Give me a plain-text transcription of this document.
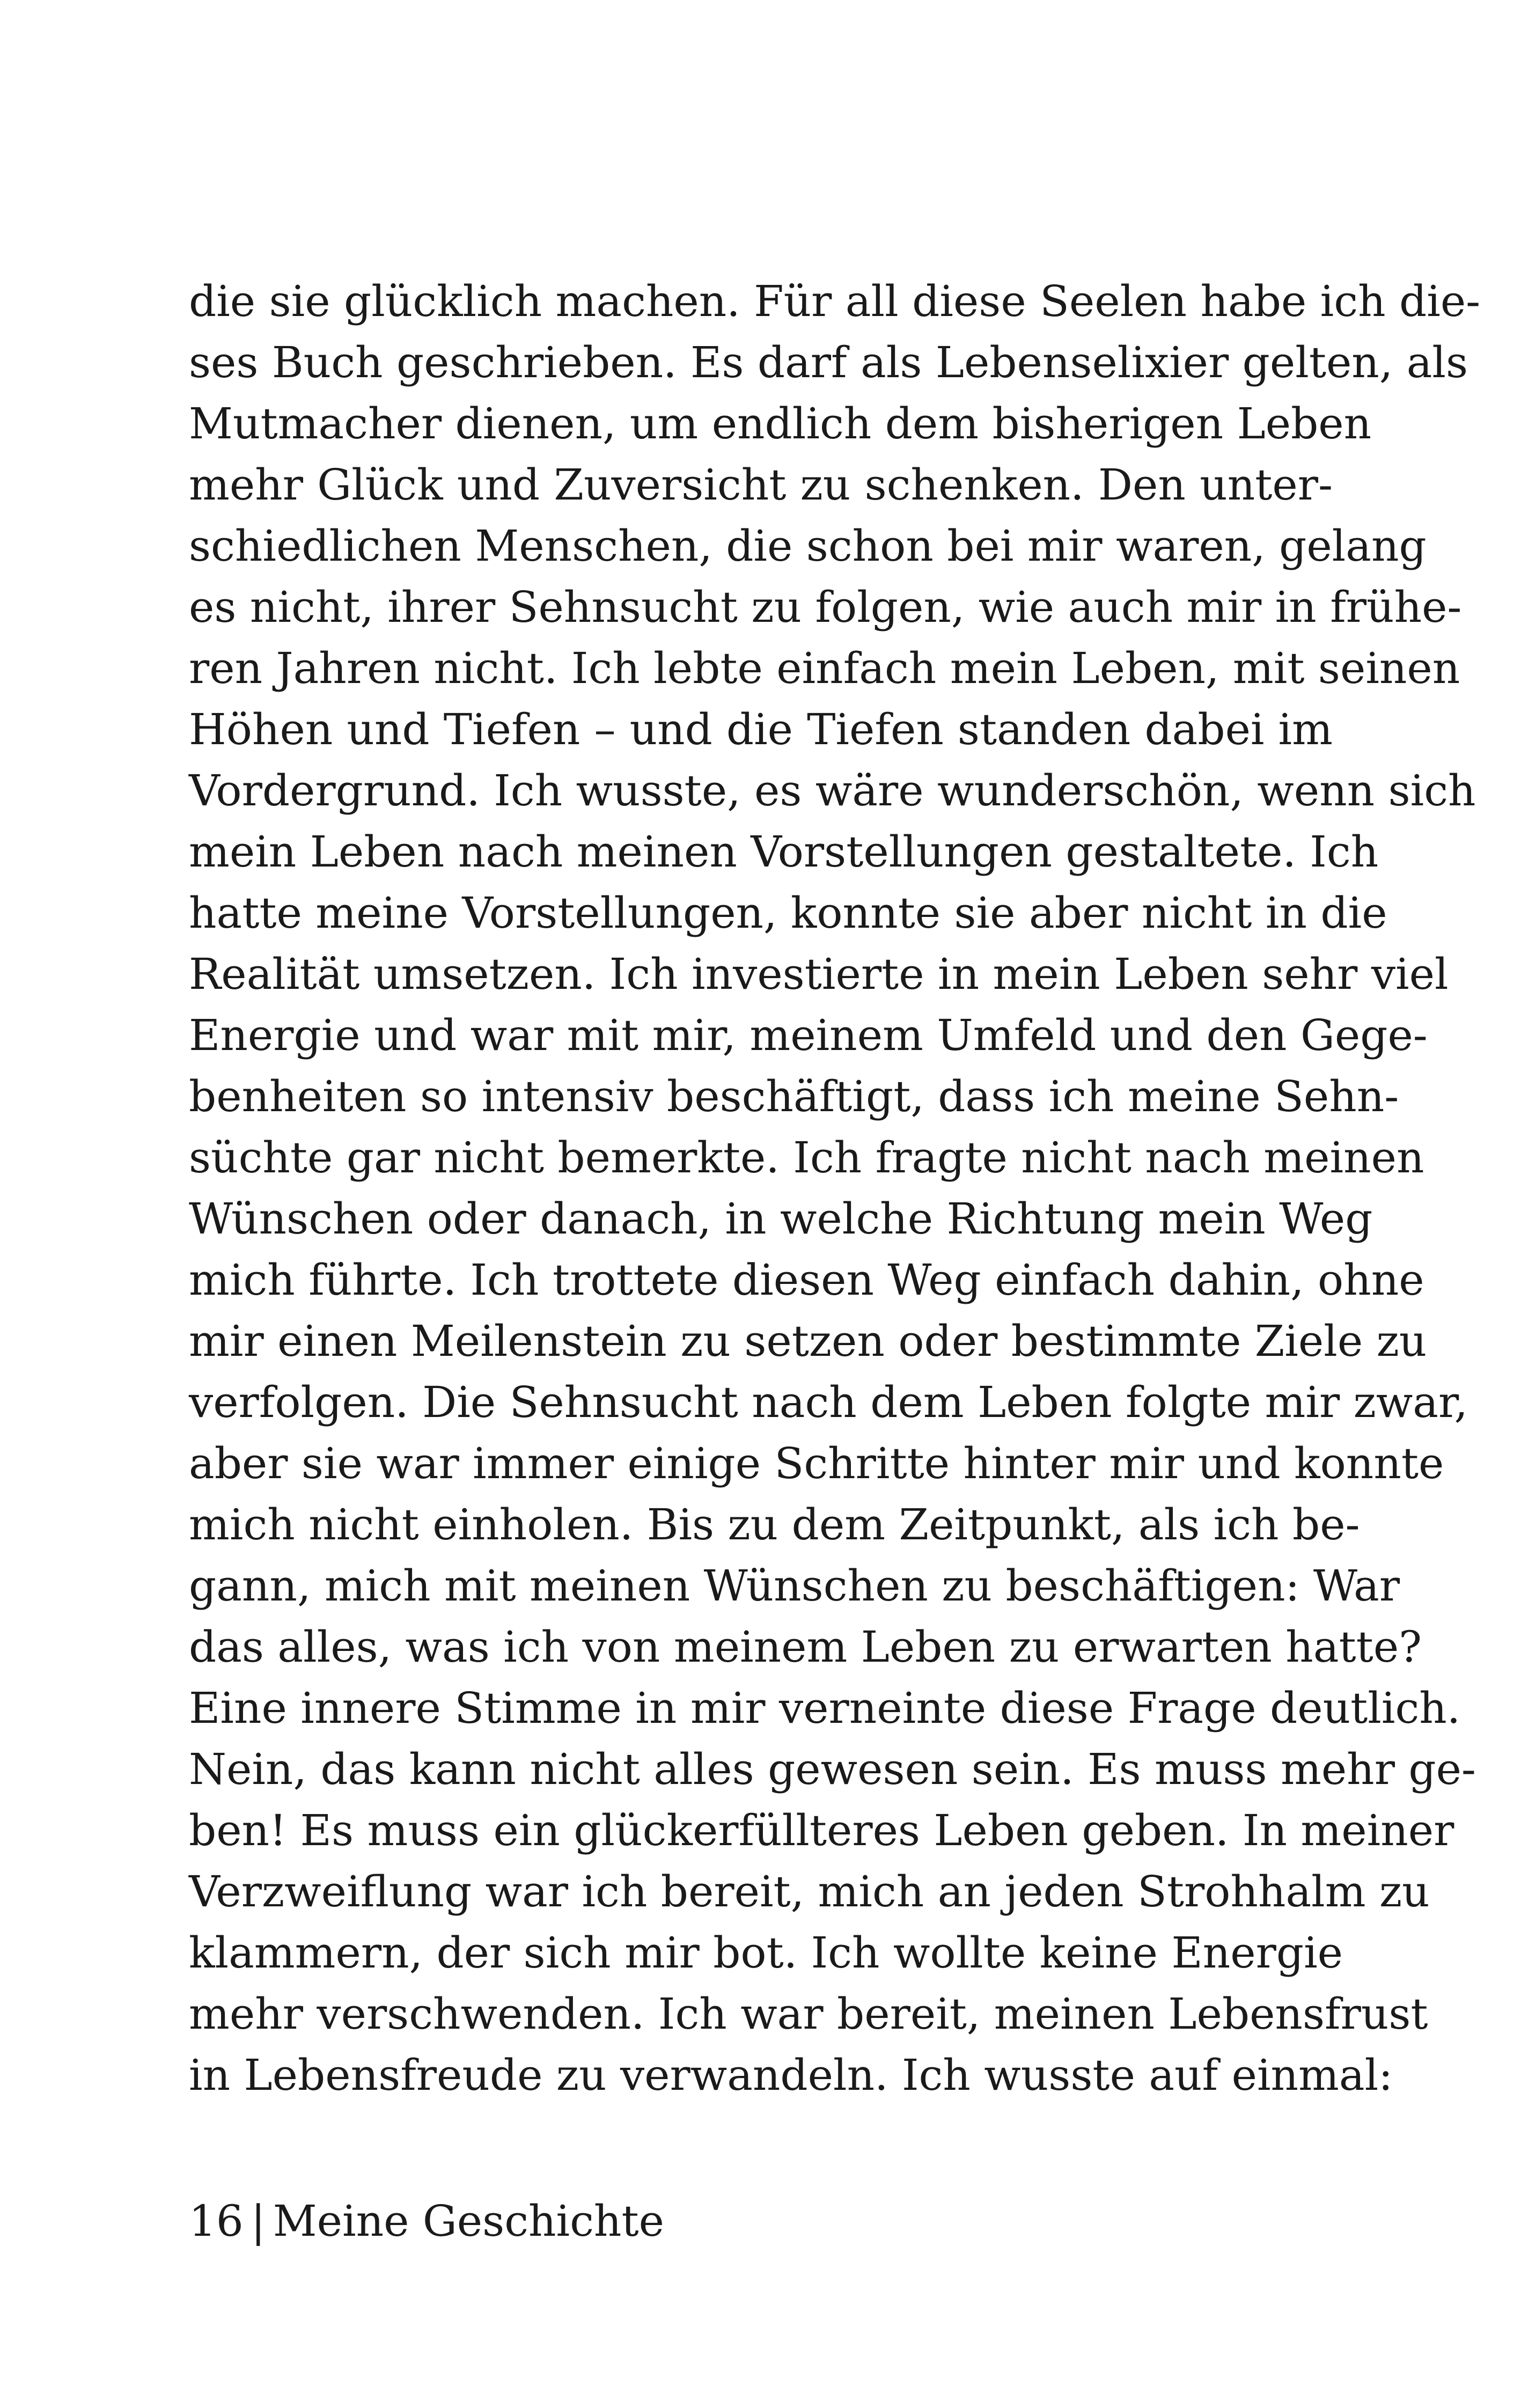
die sie glücklich machen. Für all diese Seelen habe ich die-
ses Buch geschrieben. Es darf als Lebenselixier gelten, als
Mutmacher dienen, um endlich dem bisherigen Leben
mehr Glück und Zuversicht zu schenken. Den unter-
schiedlichen Menschen, die schon bei mir waren, gelang
es nicht, ihrer Sehnsucht zu folgen, wie auch mir in frühe-
ren Jahren nicht. Ich lebte einfach mein Leben, mit seinen
Höhen und Tiefen – und die Tiefen standen dabei im
Vordergrund. Ich wusste, es wäre wunderschön, wenn sich
mein Leben nach meinen Vorstellungen gestaltete. Ich
hatte meine Vorstellungen, konnte sie aber nicht in die
Realität umsetzen. Ich investierte in mein Leben sehr viel
Energie und war mit mir, meinem Umfeld und den Gege-
benheiten so intensiv beschäftigt, dass ich meine Sehn-
süchte gar nicht bemerkte. Ich fragte nicht nach meinen
Wünschen oder danach, in welche Richtung mein Weg
mich führte. Ich trottete diesen Weg einfach dahin, ohne
mir einen Meilenstein zu setzen oder bestimmte Ziele zu
verfolgen. Die Sehnsucht nach dem Leben folgte mir zwar,
aber sie war immer einige Schritte hinter mir und konnte
mich nicht einholen. Bis zu dem Zeitpunkt, als ich be-
gann, mich mit meinen Wünschen zu beschäftigen: War
das alles, was ich von meinem Leben zu erwarten hatte?
Eine innere Stimme in mir verneinte diese Frage deutlich.
Nein, das kann nicht alles gewesen sein. Es muss mehr ge-
ben! Es muss ein glückerfüllteres Leben geben. In meiner
Verzweiflung war ich bereit, mich an jeden Strohhalm zu
klammern, der sich mir bot. Ich wollte keine Energie
mehr verschwenden. Ich war bereit, meinen Lebensfrust
in Lebensfreude zu verwandeln. Ich wusste auf einmal:
16 | Meine Geschichte
